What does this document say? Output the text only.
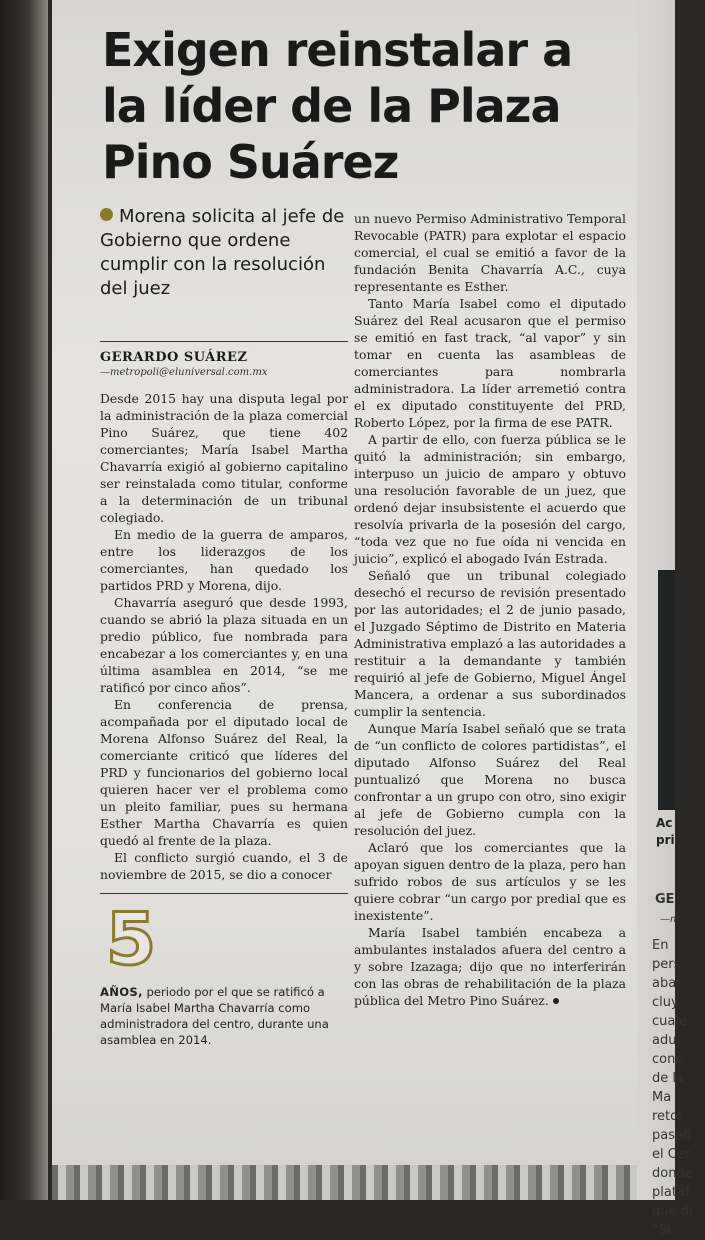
Ac
pri
GE
—m
En
pers
abar
cluy
cuale
adul
conc
de la
Ma
retor
pasad
el Cer
donde
plataf
que di
“Si
Exigen reinstalar a la líder de la Plaza Pino Suárez
Morena solicita al jefe de Gobierno que ordene cumplir con la resolución del juez
GERARDO SUÁREZ
—metropoli@eluniversal.com.mx

Desde 2015 hay una disputa legal por la administración de la plaza comercial Pino Suárez, que tiene 402 comerciantes; María Isabel Martha Chavarría exigió al gobierno capitalino ser reinstalada como titular, conforme a la determinación de un tribunal colegiado.

En medio de la guerra de amparos, entre los liderazgos de los comerciantes, han quedado los partidos PRD y Morena, dijo.

Chavarría aseguró que desde 1993, cuando se abrió la plaza situada en un predio público, fue nombrada para encabezar a los comerciantes y, en una última asamblea en 2014, “se me ratificó por cinco años”.

En conferencia de prensa, acompañada por el diputado local de Morena Alfonso Suárez del Real, la comerciante criticó que líderes del PRD y funcionarios del gobierno local quieren hacer ver el problema como un pleito familiar, pues su hermana Esther Martha Chavarría es quien quedó al frente de la plaza.

El conflicto surgió cuando, el 3 de noviembre de 2015, se dio a conocer

5
AÑOS, periodo por el que se ratificó a María Isabel Martha Chavarría como administradora del centro, durante una asamblea en 2014.

un nuevo Permiso Administrativo Temporal Revocable (PATR) para explotar el espacio comercial, el cual se emitió a favor de la fundación Benita Chavarría A.C., cuya representante es Esther.

Tanto María Isabel como el diputado Suárez del Real acusaron que el permiso se emitió en fast track, “al vapor” y sin tomar en cuenta las asambleas de comerciantes para nombrarla administradora. La líder arremetió contra el ex diputado constituyente del PRD, Roberto López, por la firma de ese PATR.

A partir de ello, con fuerza pública se le quitó la administración; sin embargo, interpuso un juicio de amparo y obtuvo una resolución favorable de un juez, que ordenó dejar insubsistente el acuerdo que resolvía privarla de la posesión del cargo, “toda vez que no fue oída ni vencida en juicio”, explicó el abogado Iván Estrada.

Señaló que un tribunal colegiado desechó el recurso de revisión presentado por las autoridades; el 2 de junio pasado, el Juzgado Séptimo de Distrito en Materia Administrativa emplazó a las autoridades a restituir a la demandante y también requirió al jefe de Gobierno, Miguel Ángel Mancera, a ordenar a sus subordinados cumplir la sentencia.

Aunque María Isabel señaló que se trata de “un conflicto de colores partidistas”, el diputado Alfonso Suárez del Real puntualizó que Morena no busca confrontar a un grupo con otro, sino exigir al jefe de Gobierno cumpla con la resolución del juez.

Aclaró que los comerciantes que la apoyan siguen dentro de la plaza, pero han sufrido robos de sus artículos y se les quiere cobrar “un cargo por predial que es inexistente”.

María Isabel también encabeza a ambulantes instalados afuera del centro a y sobre Izazaga; dijo que no interferirán con las obras de rehabilitación de la plaza pública del Metro Pino Suárez.
